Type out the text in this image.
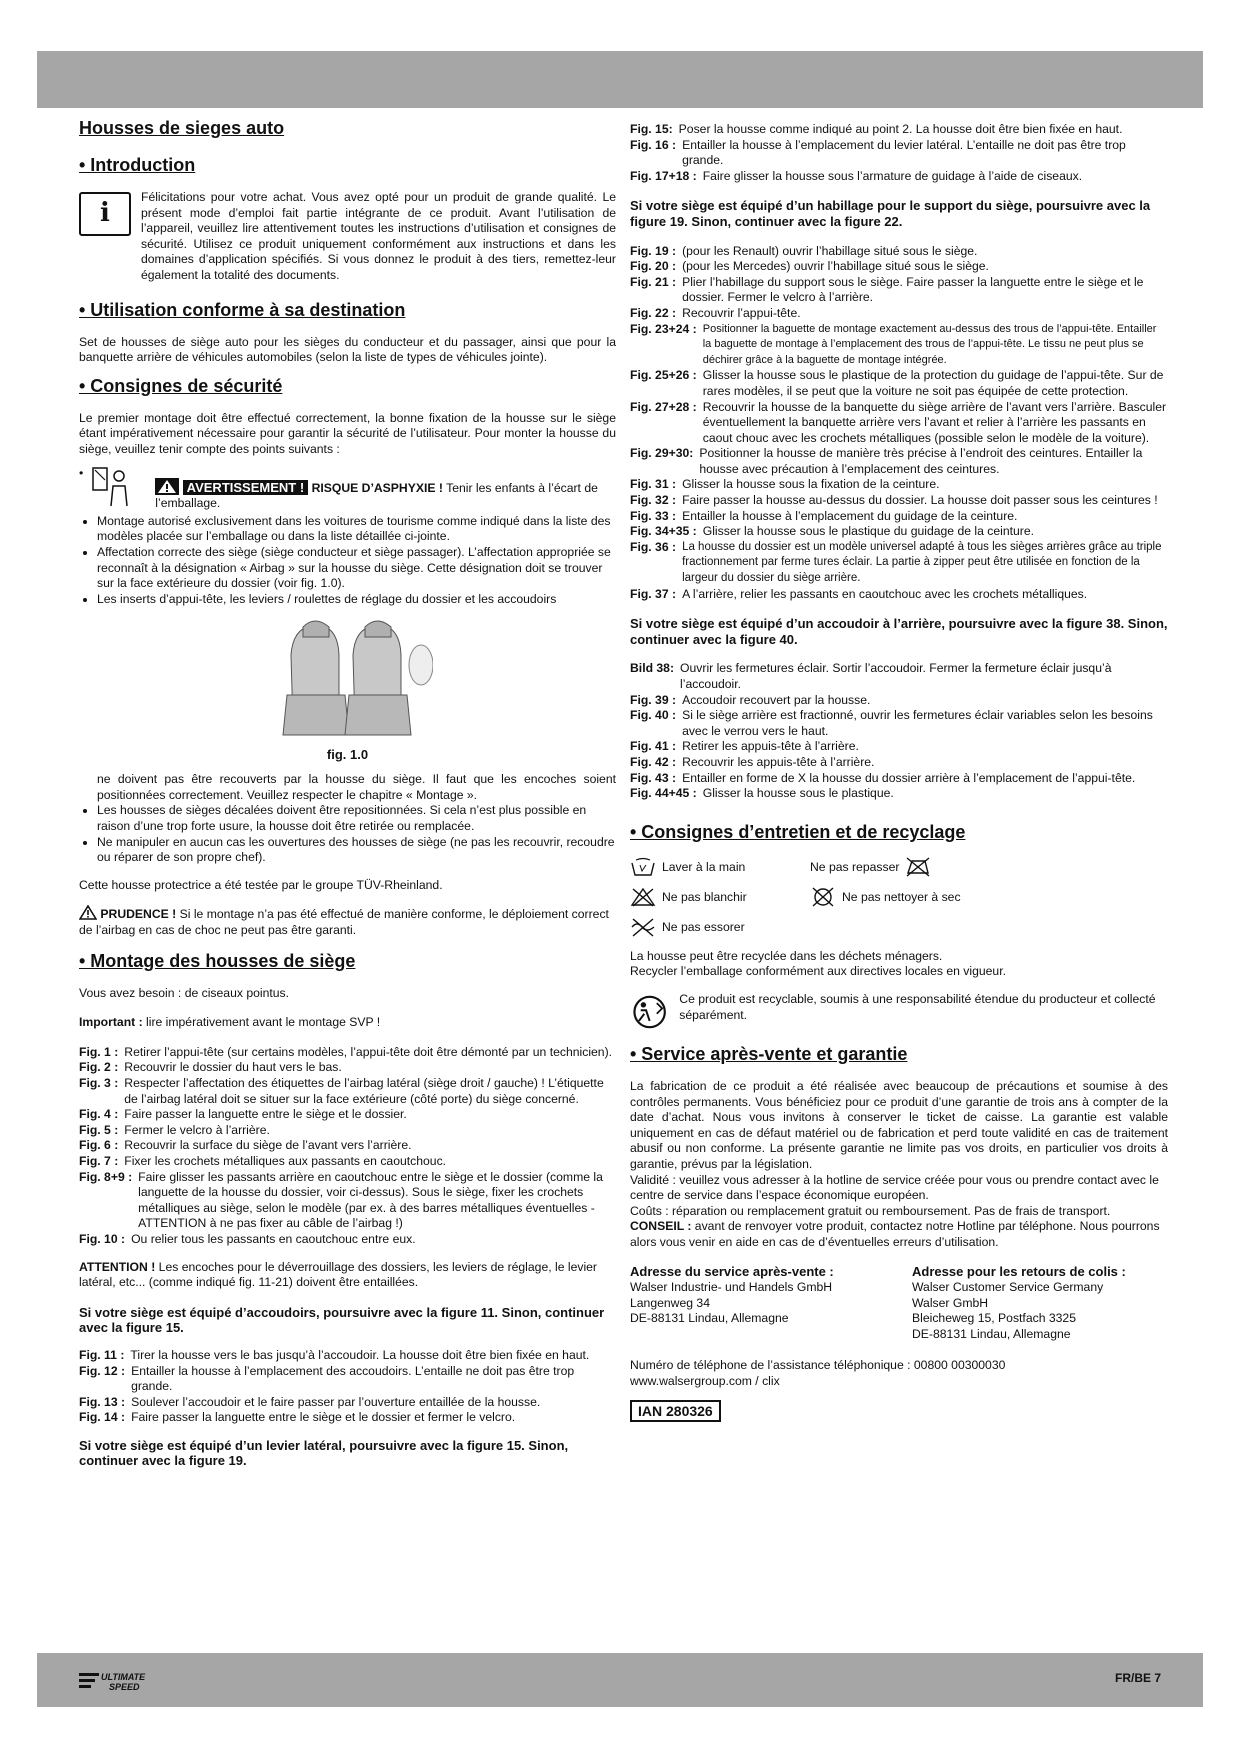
Housses de sieges auto
• Introduction
i
Félicitations pour votre achat. Vous avez opté pour un produit de grande qualité. Le présent mode d’emploi fait partie intégrante de ce produit. Avant l’utilisation de l’appareil, veuillez lire attentivement toutes les instructions d’utilisation et consignes de sécurité. Utilisez ce produit uniquement conformément aux instructions et dans les domaines d’application spécifiés. Si vous donnez le produit à des tiers, remettez-leur également la totalité des documents.
• Utilisation conforme à sa destination

Set de housses de siège auto pour les sièges du conducteur et du passager, ainsi que pour la banquette arrière de véhicules automobiles (selon la liste de types de véhicules jointe).

• Consignes de sécurité

Le premier montage doit être effectué correctement, la bonne fixation de la housse sur le siège étant impérativement nécessaire pour garantir la sécurité de l’utilisateur. Pour monter la housse du siège, veuillez tenir compte des points suivants :

•
AVERTISSEMENT ! RISQUE D’ASPHYXIE ! Tenir les enfants à l’écart de l’emballage.
• Montage autorisé exclusivement dans les voitures de tourisme comme indiqué dans la liste des modèles placée sur l’emballage ou dans la liste détaillée ci-jointe.
• Affectation correcte des siège (siège conducteur et siège passager). L’affectation appropriée se reconnaît à la désignation « Airbag » sur la housse du siège. Cette désignation doit se trouver sur la face extérieure du dossier (voir fig. 1.0).
• Les inserts d’appui-tête, les leviers / roulettes de réglage du dossier et les accoudoirs
fig. 1.0

ne doivent pas être recouverts par la housse du siège. Il faut que les encoches soient positionnées correctement. Veuillez respecter le chapitre « Montage ».

• Les housses de sièges décalées doivent être repositionnées. Si cela n’est plus possible en raison d’une trop forte usure, la housse doit être retirée ou remplacée.
• Ne manipuler en aucun cas les ouvertures des housses de siège (ne pas les recouvrir, recoudre ou réparer de son propre chef).

Cette housse protectrice a été testée par le groupe TÜV-Rheinland.

PRUDENCE ! Si le montage n’a pas été effectué de manière conforme, le déploiement correct de l’airbag en cas de choc ne peut pas être garanti.

• Montage des housses de siège

Vous avez besoin : de ciseaux pointus.

Important : lire impérativement avant le montage SVP !

Fig. 1 : Retirer l’appui-tête (sur certains modèles, l’appui-tête doit être démonté par un technicien).
Fig. 2 : Recouvrir le dossier du haut vers le bas.
Fig. 3 : Respecter l’affectation des étiquettes de l’airbag latéral (siège droit / gauche) ! L’étiquette de l’airbag latéral doit se situer sur la face extérieure (côté porte) du siège concerné.
Fig. 4 : Faire passer la languette entre le siège et le dossier.
Fig. 5 : Fermer le velcro à l’arrière.
Fig. 6 : Recouvrir la surface du siège de l’avant vers l’arrière.
Fig. 7 : Fixer les crochets métalliques aux passants en caoutchouc.
Fig. 8+9 : Faire glisser les passants arrière en caoutchouc entre le siège et le dossier (comme la languette de la housse du dossier, voir ci-dessus). Sous le siège, fixer les crochets métalliques au siège, selon le modèle (par ex. à des barres métalliques éventuelles - ATTENTION à ne pas fixer au câble de l’airbag !)
Fig. 10 : Ou relier tous les passants en caoutchouc entre eux.

ATTENTION ! Les encoches pour le déverrouillage des dossiers, les leviers de réglage, le levier latéral, etc... (comme indiqué fig. 11-21) doivent être entaillées.

Si votre siège est équipé d’accoudoirs, poursuivre avec la figure 11. Sinon, continuer avec la figure 15.

Fig. 11 : Tirer la housse vers le bas jusqu’à l’accoudoir. La housse doit être bien fixée en haut.
Fig. 12 : Entailler la housse à l’emplacement des accoudoirs. L’entaille ne doit pas être trop grande.
Fig. 13 : Soulever l’accoudoir et le faire passer par l’ouverture entaillée de la housse.
Fig. 14 : Faire passer la languette entre le siège et le dossier et fermer le velcro.

Si votre siège est équipé d’un levier latéral, poursuivre avec la figure 15. Sinon, continuer avec la figure 19.

Fig. 15: Poser la housse comme indiqué au point 2. La housse doit être bien fixée en haut.
Fig. 16 : Entailler la housse à l’emplacement du levier latéral. L’entaille ne doit pas être trop grande.
Fig. 17+18 : Faire glisser la housse sous l’armature de guidage à l’aide de ciseaux.

Si votre siège est équipé d’un habillage pour le support du siège, poursuivre avec la figure 19. Sinon, continuer avec la figure 22.

Fig. 19 : (pour les Renault) ouvrir l’habillage situé sous le siège.
Fig. 20 : (pour les Mercedes) ouvrir l’habillage situé sous le siège.
Fig. 21 : Plier l’habillage du support sous le siège. Faire passer la languette entre le siège et le dossier. Fermer le velcro à l’arrière.
Fig. 22 : Recouvrir l’appui-tête.
Fig. 23+24 : Positionner la baguette de montage exactement au-dessus des trous de l’appui-tête. Entailler la baguette de montage à l’emplacement des trous de l’appui-tête. Le tissu ne peut plus se déchirer grâce à la baguette de montage intégrée.
Fig. 25+26 : Glisser la housse sous le plastique de la protection du guidage de l’appui-tête. Sur de rares modèles, il se peut que la voiture ne soit pas équipée de cette protection.
Fig. 27+28 : Recouvrir la housse de la banquette du siège arrière de l’avant vers l’arrière. Basculer éventuellement la banquette arrière vers l’avant et relier à l’arrière les passants en caout chouc avec les crochets métalliques (possible selon le modèle de la voiture).
Fig. 29+30: Positionner la housse de manière très précise à l’endroit des ceintures. Entailler la housse avec précaution à l’emplacement des ceintures.
Fig. 31 : Glisser la housse sous la fixation de la ceinture.
Fig. 32 : Faire passer la housse au-dessus du dossier. La housse doit passer sous les ceintures !
Fig. 33 : Entailler la housse à l’emplacement du guidage de la ceinture.
Fig. 34+35 : Glisser la housse sous le plastique du guidage de la ceinture.
Fig. 36 : La housse du dossier est un modèle universel adapté à tous les sièges arrières grâce au triple fractionnement par ferme tures éclair. La partie à zipper peut être utilisée en fonction de la largeur du dossier du siège arrière.
Fig. 37 : A l’arrière, relier les passants en caoutchouc avec les crochets métalliques.

Si votre siège est équipé d’un accoudoir à l’arrière, poursuivre avec la figure 38. Sinon, continuer avec la figure 40.

Bild 38: Ouvrir les fermetures éclair. Sortir l’accoudoir. Fermer la fermeture éclair jusqu’à l’accoudoir.
Fig. 39 : Accoudoir recouvert par la housse.
Fig. 40 : Si le siège arrière est fractionné, ouvrir les fermetures éclair variables selon les besoins avec le verrou vers le haut.
Fig. 41 : Retirer les appuis-tête à l’arrière.
Fig. 42 : Recouvrir les appuis-tête à l’arrière.
Fig. 43 : Entailler en forme de X la housse du dossier arrière à l’emplacement de l’appui-tête.
Fig. 44+45 : Glisser la housse sous le plastique.
• Consignes d’entretien et de recyclage
Laver à la main	Ne pas repasser
Ne pas blanchir	Ne pas nettoyer à sec
Ne pas essorer

La housse peut être recyclée dans les déchets ménagers.
Recycler l’emballage conformément aux directives locales en vigueur.

Ce produit est recyclable, soumis à une responsabilité étendue du producteur et collecté séparément.
• Service après-vente et garantie

La fabrication de ce produit a été réalisée avec beaucoup de précautions et soumise à des contrôles permanents. Vous bénéficiez pour ce produit d’une garantie de trois ans à compter de la date d’achat. Nous vous invitons à conserver le ticket de caisse. La garantie est valable uniquement en cas de défaut matériel ou de fabrication et perd toute validité en cas de traitement abusif ou non conforme. La présente garantie ne limite pas vos droits, en particulier vos droits à garantie, prévus par la législation.

Validité : veuillez vous adresser à la hotline de service créée pour vous ou prendre contact avec le centre de service dans l’espace économique européen.

Coûts : réparation ou remplacement gratuit ou remboursement. Pas de frais de transport.

CONSEIL : avant de renvoyer votre produit, contactez notre Hotline par téléphone. Nous pourrons alors vous venir en aide en cas de d’éventuelles erreurs d’utilisation.

Adresse du service après-vente :
Walser Industrie- und Handels GmbH
Langenweg 34
DE-88131 Lindau, Allemagne
Adresse pour les retours de colis :
Walser Customer Service Germany
Walser GmbH
Bleicheweg 15, Postfach 3325
DE-88131 Lindau, Allemagne

Numéro de téléphone de l’assistance téléphonique : 00800 00300030

www.walsergroup.com / clix

IAN 280326
ULTIMATE
SPEED
FR/BE 7
